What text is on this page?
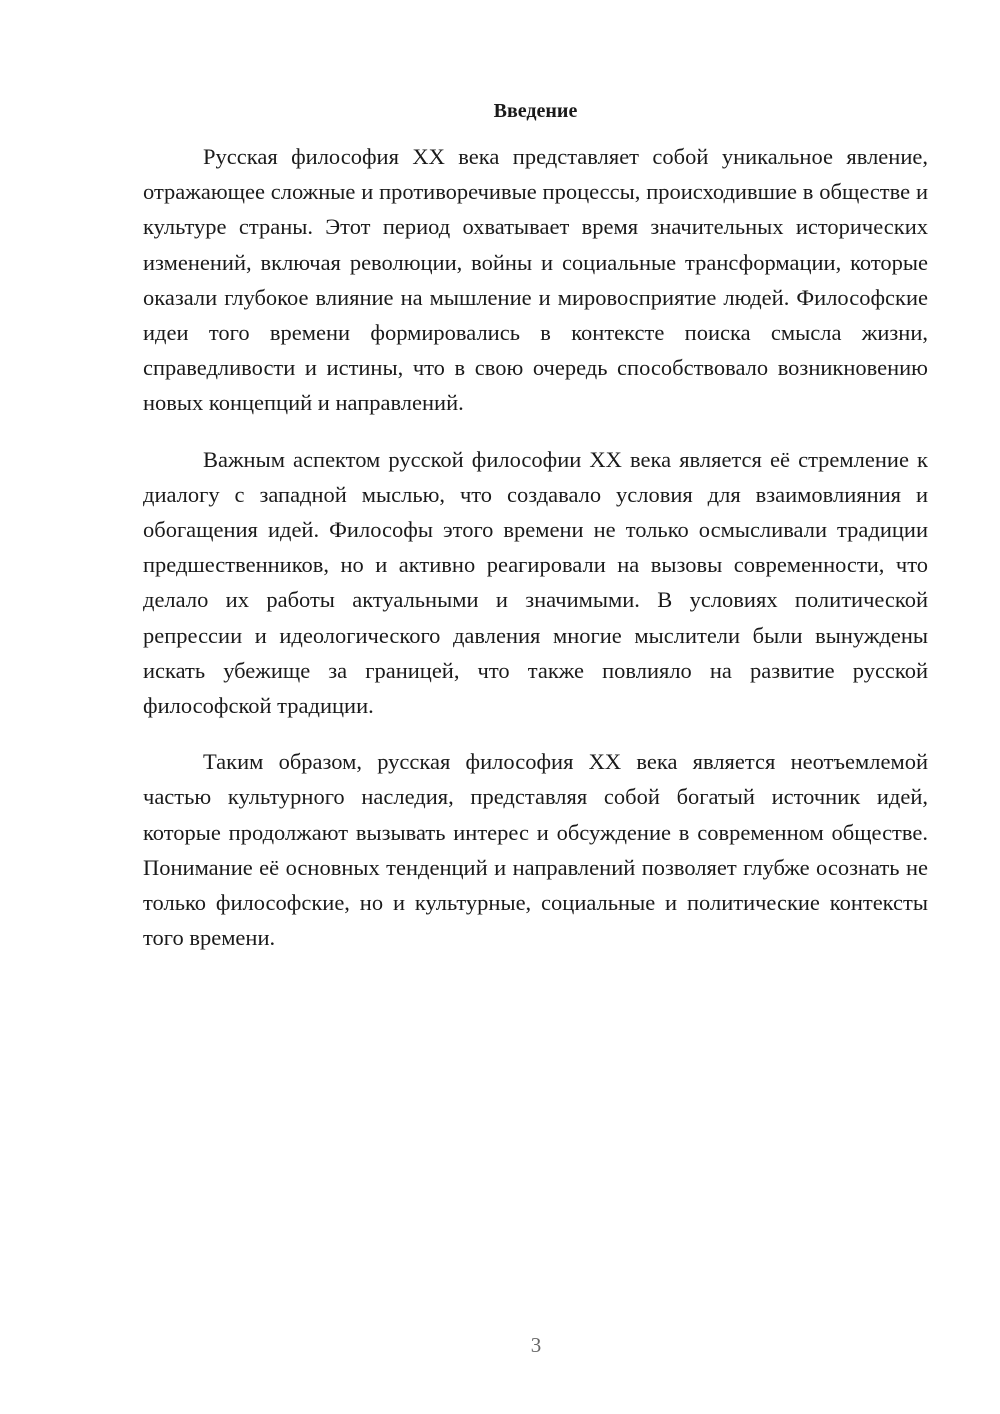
Введение

Русская философия XX века представляет собой уникальное явление, отражающее сложные и противоречивые процессы, происходившие в обществе и культуре страны. Этот период охватывает время значительных исторических изменений, включая революции, войны и социальные трансформации, которые оказали глубокое влияние на мышление и мировосприятие людей. Философские идеи того времени формировались в контексте поиска смысла жизни, справедливости и истины, что в свою очередь способствовало возникновению новых концепций и направлений.

Важным аспектом русской философии XX века является её стремление к диалогу с западной мыслью, что создавало условия для взаимовлияния и обогащения идей. Философы этого времени не только осмысливали традиции предшественников, но и активно реагировали на вызовы современности, что делало их работы актуальными и значимыми. В условиях политической репрессии и идеологического давления многие мыслители были вынуждены искать убежище за границей, что также повлияло на развитие русской философской традиции.

Таким образом, русская философия XX века является неотъемлемой частью культурного наследия, представляя собой богатый источник идей, которые продолжают вызывать интерес и обсуждение в современном обществе. Понимание её основных тенденций и направлений позволяет глубже осознать не только философские, но и культурные, социальные и политические контексты того времени.

3
